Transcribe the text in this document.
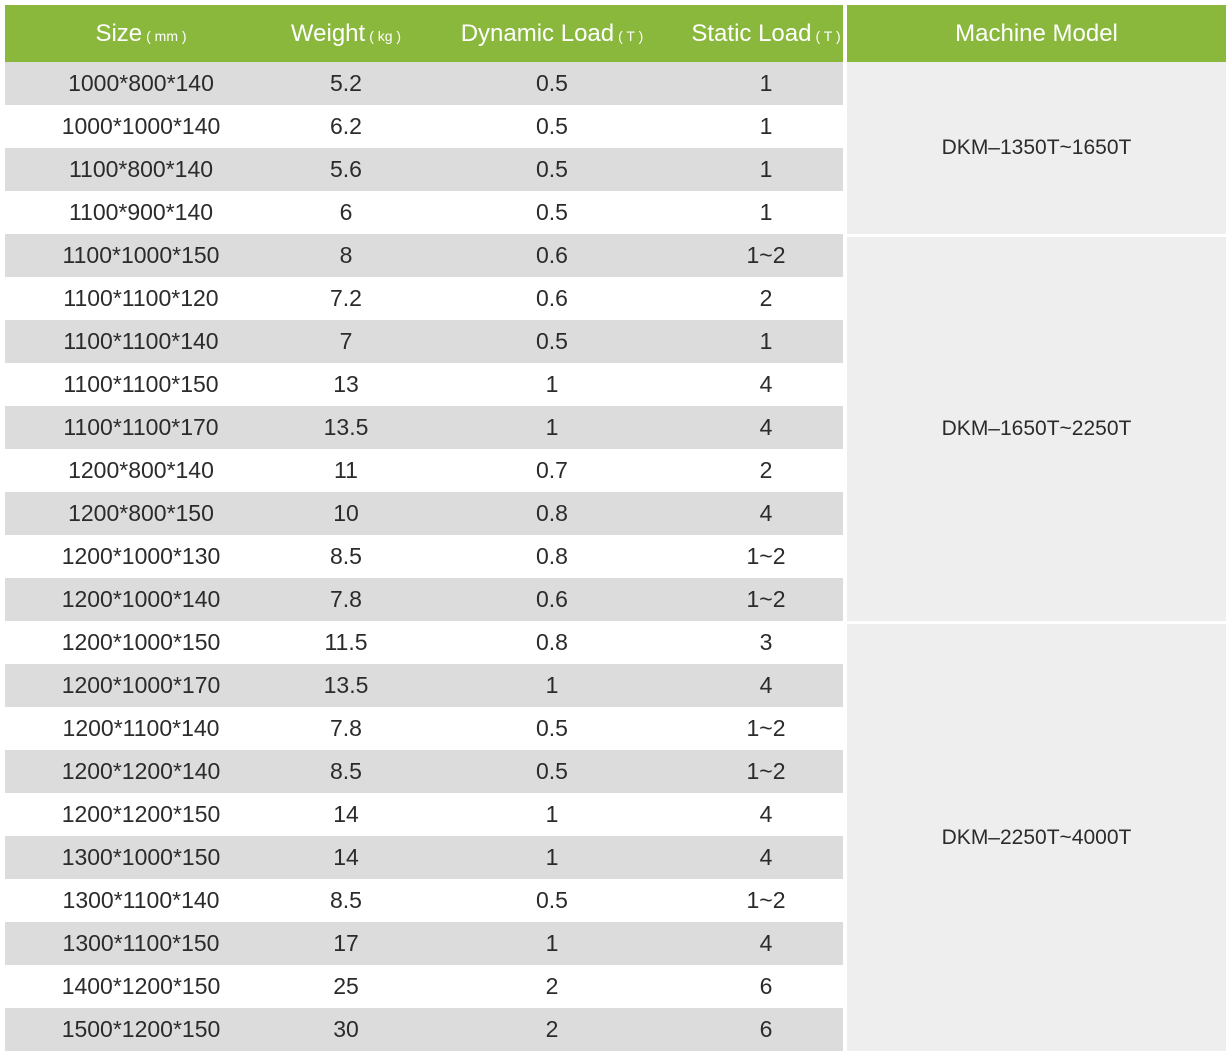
Size ( mm )	Weight ( kg )	Dynamic Load ( T )	Static Load ( T )	Machine Model
1000*800*140	5.2	0.5	1	DKM–1350T~1650T
1000*1000*140	6.2	0.5	1	
1100*800*140	5.6	0.5	1	
1100*900*140	6	0.5	1	
1100*1000*150	8	0.6	1~2	DKM–1650T~2250T
1100*1100*120	7.2	0.6	2	
1100*1100*140	7	0.5	1	
1100*1100*150	13	1	4	
1100*1100*170	13.5	1	4	
1200*800*140	11	0.7	2	
1200*800*150	10	0.8	4	
1200*1000*130	8.5	0.8	1~2	
1200*1000*140	7.8	0.6	1~2	
1200*1000*150	11.5	0.8	3	DKM–2250T~4000T
1200*1000*170	13.5	1	4	
1200*1100*140	7.8	0.5	1~2	
1200*1200*140	8.5	0.5	1~2	
1200*1200*150	14	1	4	
1300*1000*150	14	1	4	
1300*1100*140	8.5	0.5	1~2	
1300*1100*150	17	1	4	
1400*1200*150	25	2	6	
1500*1200*150	30	2	6	
